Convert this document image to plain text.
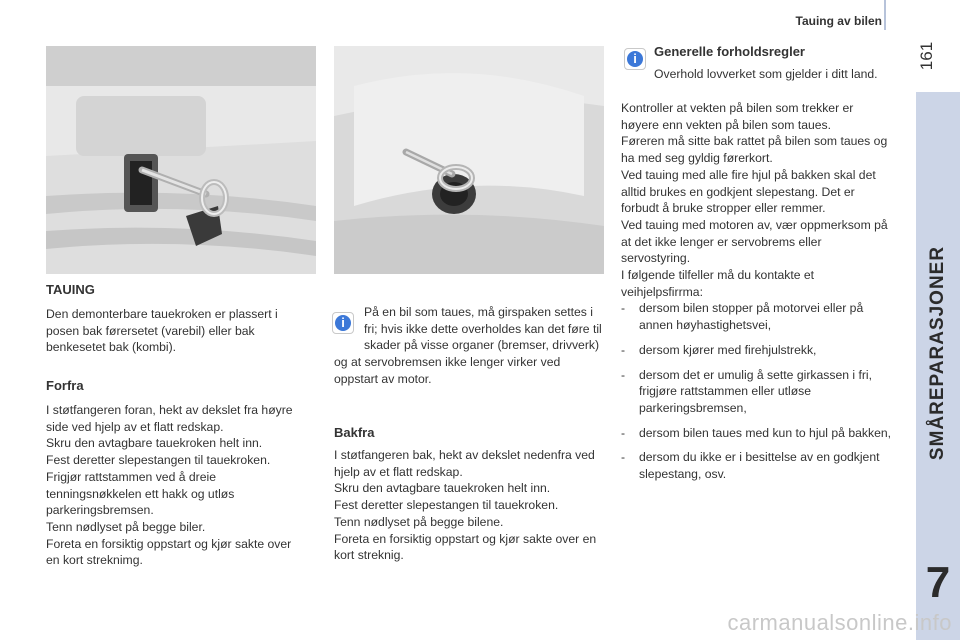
Tauing av bilen
161
SMÅREPARASJONER
7
TAUING
Den demonterbare tauekroken er plassert i posen bak førersetet (varebil) eller bak benkesetet bak (kombi).
Forfra

I støtfangeren foran, hekt av dekslet fra høyre side ved hjelp av et flatt redskap.

Skru den avtagbare tauekroken helt inn.

Fest deretter slepestangen til tauekroken.

Frigjør rattstammen ved å dreie tenningsnøkkelen ett hakk og utløs parkeringsbremsen.

Tenn nødlyset på begge biler.

Foreta en forsiktig oppstart og kjør sakte over en kort streknimg.

i
På en bil som taues, må girspaken settes i fri; hvis ikke dette overholdes kan det føre til skader på visse organer (bremser, drivverk) og at servobremsen ikke lenger virker ved oppstart av motor.
Bakfra

I støtfangeren bak, hekt av dekslet nedenfra ved hjelp av et flatt redskap.

Skru den avtagbare tauekroken helt inn.

Fest deretter slepestangen til tauekroken.

Tenn nødlyset på begge bilene.

Foreta en forsiktig oppstart og kjør sakte over en kort streknig.

i	Generelle forholdsregler
Overhold lovverket som gjelder i ditt land.

Kontroller at vekten på bilen som trekker er høyere enn vekten på bilen som taues.

Føreren må sitte bak rattet på bilen som taues og ha med seg gyldig førerkort.

Ved tauing med alle fire hjul på bakken skal det alltid brukes en godkjent slepestang. Det er forbudt å bruke stropper eller remmer.

Ved tauing med motoren av, vær oppmerksom på at det ikke lenger er servobrems eller servostyring.

I følgende tilfeller må du kontakte et veihjelpsfirrma:

- dersom bilen stopper på motorvei eller på annen høyhastighetsvei,
- dersom kjører med firehjulstrekk,
- dersom det er umulig å sette girkassen i fri, frigjøre rattstammen eller utløse parkeringsbremsen,
- dersom bilen taues med kun to hjul på bakken,
- dersom du ikke er i besittelse av en godkjent slepestang, osv.
carmanualsonline.info
